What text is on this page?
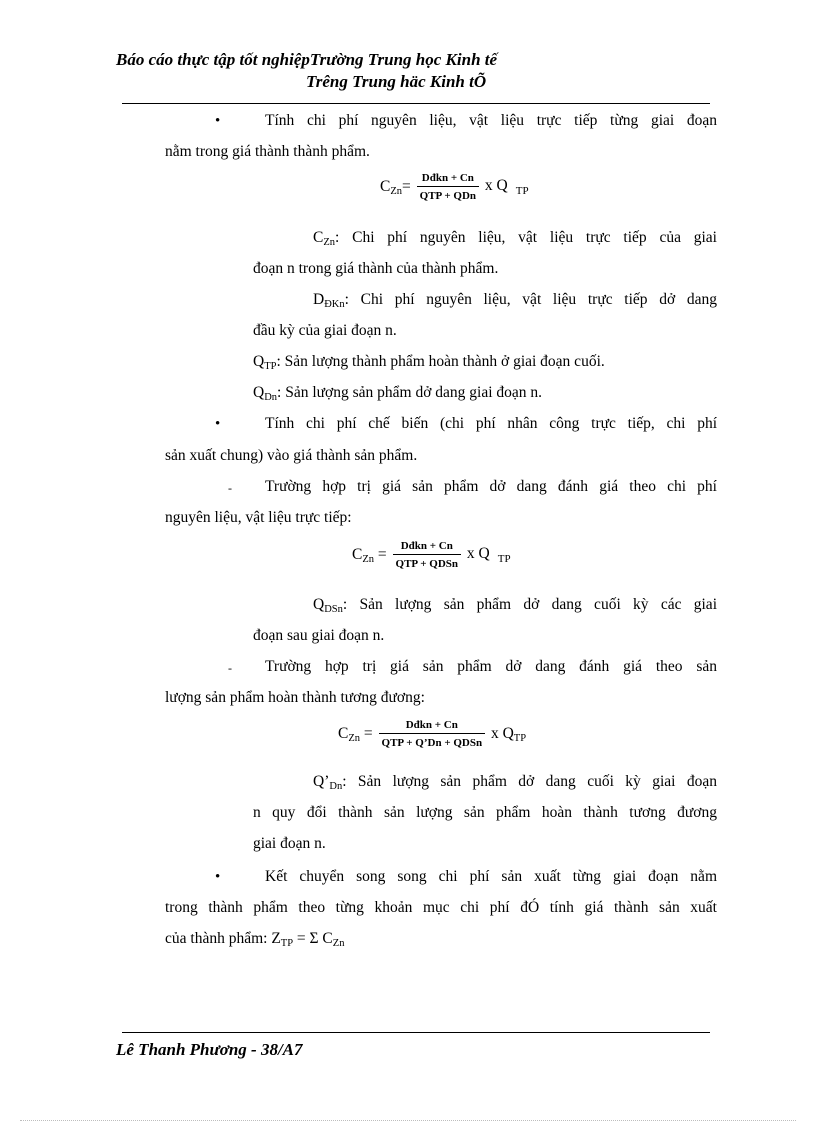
Báo cáo thực tập tốt nghiệpTrường Trung học Kinh tế
Trêng Trung häc Kinh tÕ
•	Tính chi phí nguyên liệu, vật liệu trực tiếp từng giai đoạn
nằm trong giá thành thành phẩm.
$C_{Zn}= \frac{\text{Dđkn + Cn}}{\text{QTP + QDn}}$ x Q $_{TP}$
$C_{Zn}$: Chi phí nguyên liệu, vật liệu trực tiếp của giai
đoạn n trong giá thành của thành phẩm.
$D_{ĐKn}$: Chi phí nguyên liệu, vật liệu trực tiếp dở dang
đầu kỳ của giai đoạn n.
$Q_{TP}$: Sản lượng thành phẩm hoàn thành ở giai đoạn cuối.
$Q_{Dn}$: Sản lượng sản phẩm dở dang giai đoạn n.
•	Tính chi phí chế biến (chi phí nhân công trực tiếp, chi phí
sản xuất chung) vào giá thành sản phẩm.
- Trường hợp trị giá sản phẩm dở dang đánh giá theo chi phí
nguyên liệu, vật liệu trực tiếp:
$C_{Zn} = \frac{\text{Dđkn + Cn}}{\text{QTP + QDSn}}$ x Q $_{TP}$
$Q_{DSn}$: Sản lượng sản phẩm dở dang cuối kỳ các giai
đoạn sau giai đoạn n.
- Trường hợp trị giá sản phẩm dở dang đánh giá theo sản
lượng sản phẩm hoàn thành tương đương:
$C_{Zn} = \frac{\text{Dđkn + Cn}}{\text{QTP + Q’Dn + QDSn}}$ x $Q_{TP}$
$Q’_{Dn}$: Sản lượng sản phẩm dở dang cuối kỳ giai đoạn
n quy đổi thành sản lượng sản phẩm hoàn thành tương đương
giai đoạn n.
•	Kết chuyển song song chi phí sản xuất từng giai đoạn nằm
trong thành phẩm theo từng khoản mục chi phí đÓ tính giá thành sản xuất
của thành phẩm: $Z_{TP} = \Sigma$ $C_{Zn}$
Lê Thanh Phương - 38/A7
